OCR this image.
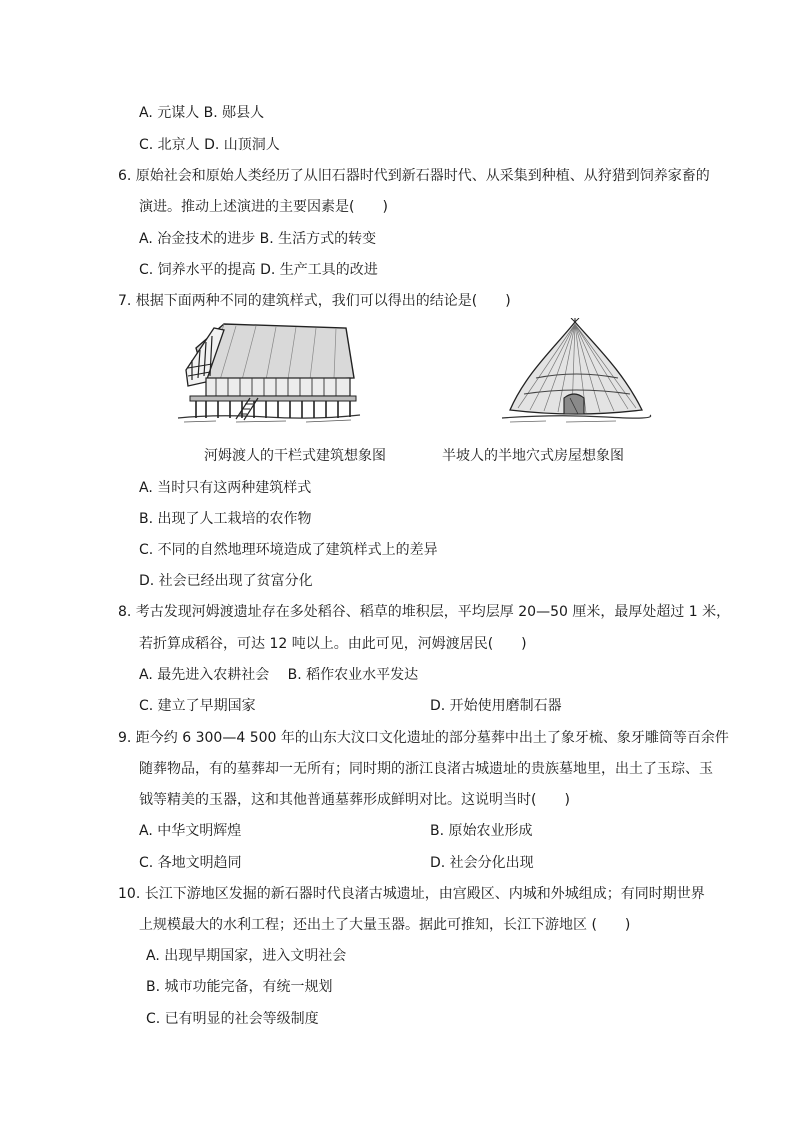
A. 元谋人 B. 郧县人
C. 北京人 D. 山顶洞人
6. 原始社会和原始人类经历了从旧石器时代到新石器时代、从采集到种植、从狩猎到饲养家畜的
演进。推动上述演进的主要因素是(　　)
A. 冶金技术的进步 B. 生活方式的转变
C. 饲养水平的提高 D. 生产工具的改进
7. 根据下面两种不同的建筑样式，我们可以得出的结论是(　　)
河姆渡人的干栏式建筑想象图	半坡人的半地穴式房屋想象图
A. 当时只有这两种建筑样式
B. 出现了人工栽培的农作物
C. 不同的自然地理环境造成了建筑样式上的差异
D. 社会已经出现了贫富分化
8. 考古发现河姆渡遗址存在多处稻谷、稻草的堆积层，平均层厚 20—50 厘米，最厚处超过 1 米，
若折算成稻谷，可达 12 吨以上。由此可见，河姆渡居民(　　)
A. 最先进入农耕社会　 B. 稻作农业水平发达
C. 建立了早期国家	D. 开始使用磨制石器
9. 距今约 6 300—4 500 年的山东大汶口文化遗址的部分墓葬中出土了象牙梳、象牙雕筒等百余件
随葬物品，有的墓葬却一无所有；同时期的浙江良渚古城遗址的贵族墓地里，出土了玉琮、玉
钺等精美的玉器，这和其他普通墓葬形成鲜明对比。这说明当时(　　)
A. 中华文明辉煌	B. 原始农业形成
C. 各地文明趋同	D. 社会分化出现
10. 长江下游地区发掘的新石器时代良渚古城遗址，由宫殿区、内城和外城组成；有同时期世界
上规模最大的水利工程；还出土了大量玉器。据此可推知，长江下游地区 (　　)
A. 出现早期国家，进入文明社会
B. 城市功能完备，有统一规划
C. 已有明显的社会等级制度
